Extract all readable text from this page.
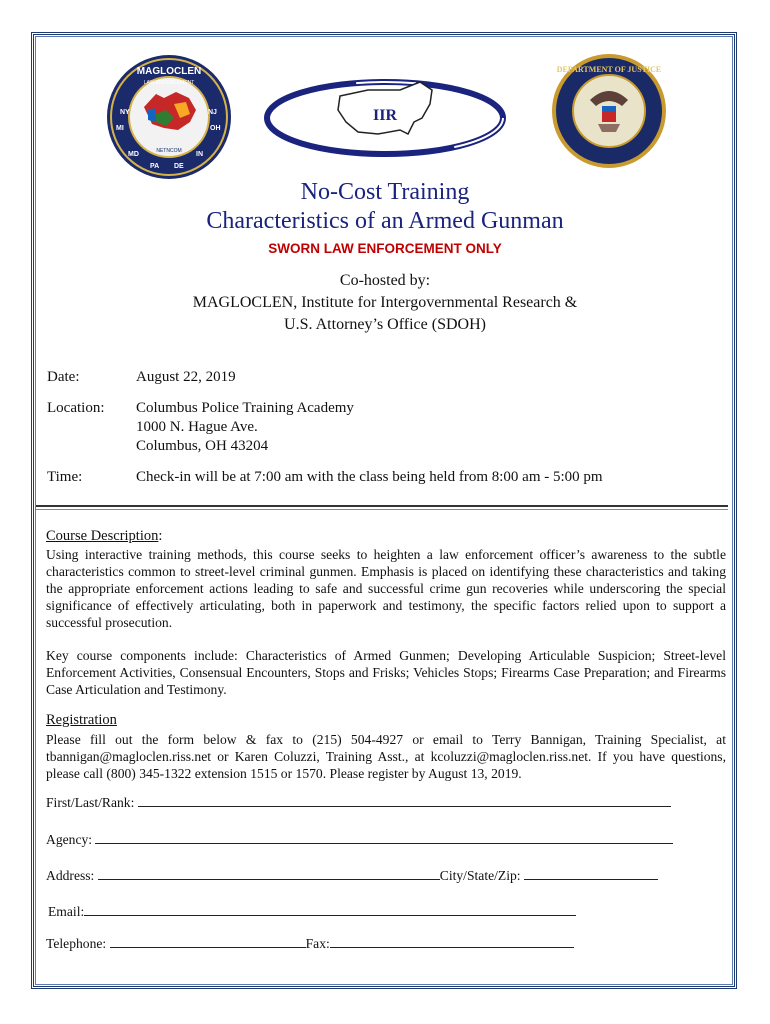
MAGLOCLEN
LAW ENFORCEMENT
NY	NJ
MI	OH
MD
PA DE
IN
NETNCOM
IIR
DEPARTMENT OF JUSTICE
No-Cost Training
Characteristics of an Armed Gunman
SWORN LAW ENFORCEMENT ONLY
Co-hosted by:
MAGLOCLEN, Institute for Intergovernmental Research &
U.S. Attorney’s Office (SDOH)
Date:	August 22, 2019
Location: Columbus Police Training Academy
1000 N. Hague Ave.
Columbus, OH 43204
Time:	Check-in will be at 7:00 am with the class being held from 8:00 am - 5:00 pm
Course Description:
Using interactive training methods, this course seeks to heighten a law enforcement officer’s awareness to the subtle characteristics common to street-level criminal gunmen. Emphasis is placed on identifying these characteristics and taking the appropriate enforcement actions leading to safe and successful crime gun recoveries while underscoring the special significance of effectively articulating, both in paperwork and testimony, the specific factors relied upon to support a successful prosecution.
Key course components include: Characteristics of Armed Gunmen; Developing Articulable Suspicion; Street-level Enforcement Activities, Consensual Encounters, Stops and Frisks; Vehicles Stops; Firearms Case Preparation; and Firearms Case Articulation and Testimony.
Registration
Please fill out the form below & fax to (215) 504-4927 or email to Terry Bannigan, Training Specialist, at tbannigan@magloclen.riss.net or Karen Coluzzi, Training Asst., at kcoluzzi@magloclen.riss.net. If you have questions, please call (800) 345-1322 extension 1515 or 1570. Please register by August 13, 2019.
First/Last/Rank:
Agency:
Address:	City/State/Zip:
Email:
Telephone:	Fax:
